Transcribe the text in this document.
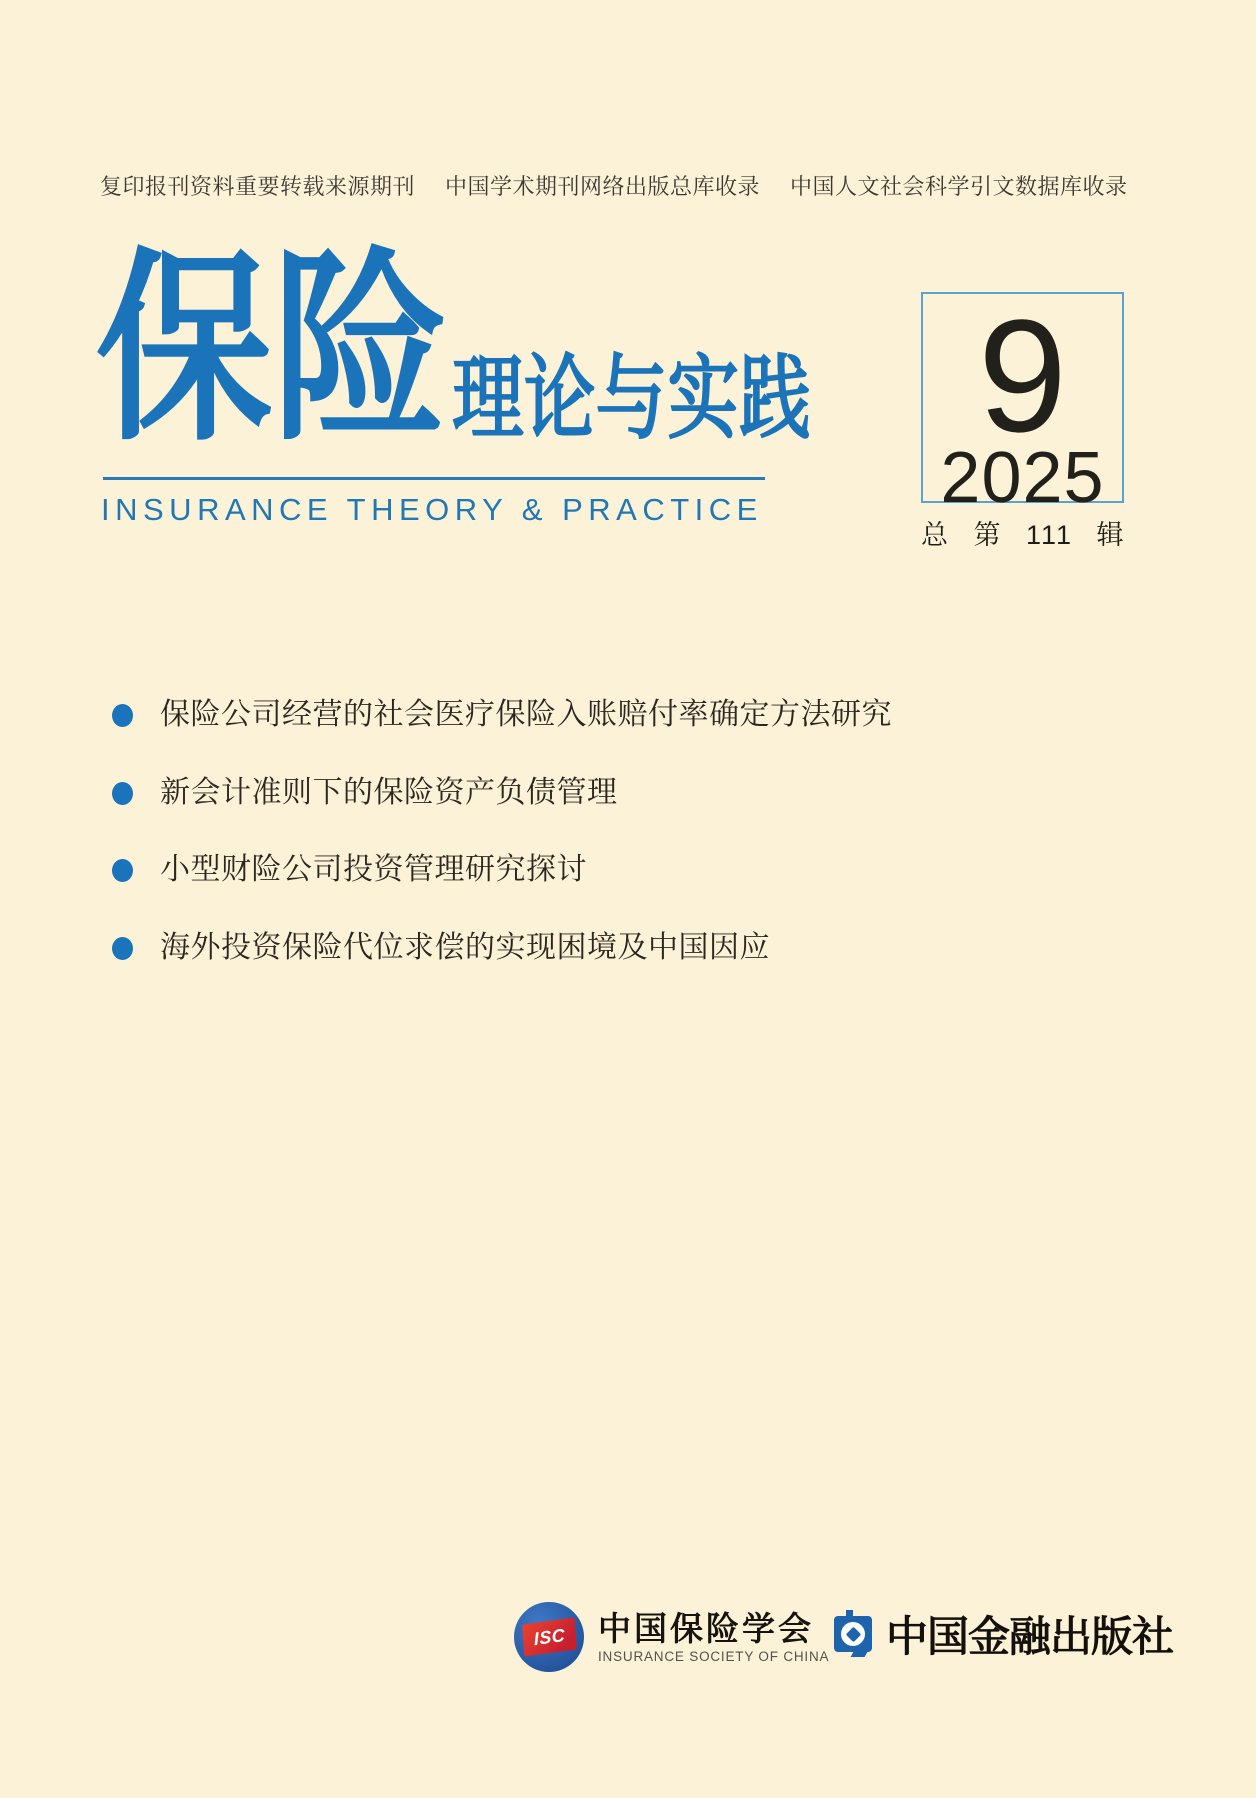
复印报刊资料重要转载来源期刊 中国学术期刊网络出版总库收录 中国人文社会科学引文数据库收录
保险 理论与实践
INSURANCE THEORY & PRACTICE
9
2025
总 第 111 辑
保险公司经营的社会医疗保险入账赔付率确定方法研究
新会计准则下的保险资产负债管理
小型财险公司投资管理研究探讨
海外投资保险代位求偿的实现困境及中国因应
ISC 中国保险学会
INSURANCE SOCIETY OF CHINA 中国金融出版社
